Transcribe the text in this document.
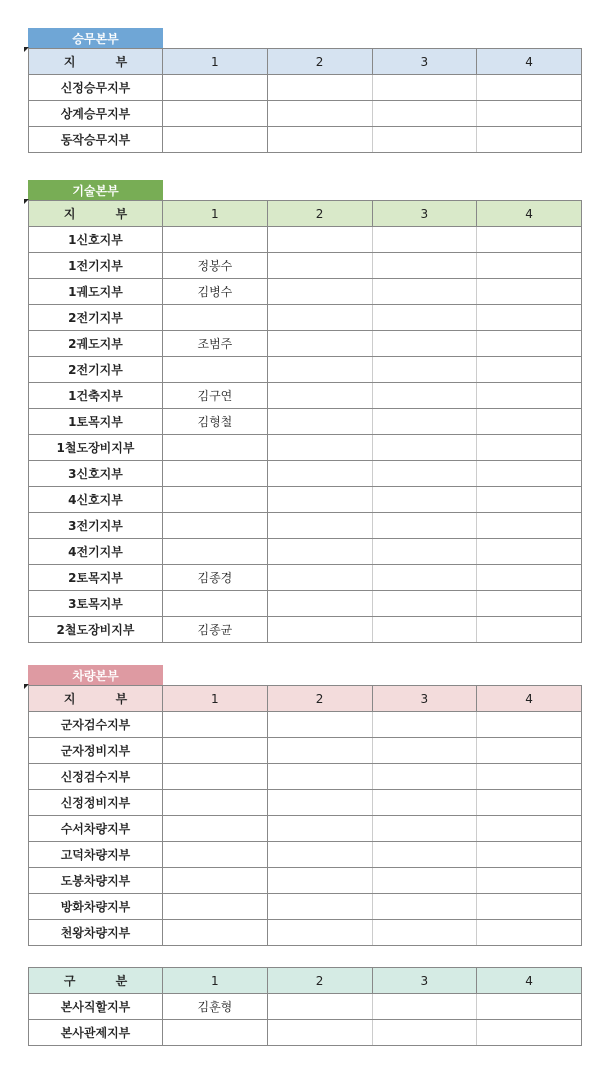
승무본부
지 부	1	2	3	4
신정승무지부				
상계승무지부				
동작승무지부				
기술본부
지 부	1	2	3	4
1신호지부				
1전기지부	정봉수			
1궤도지부	김병수			
2전기지부				
2궤도지부	조범주			
2전기지부				
1건축지부	김구연			
1토목지부	김형철			
1철도장비지부				
3신호지부				
4신호지부				
3전기지부				
4전기지부				
2토목지부	김종경			
3토목지부				
2철도장비지부	김종균			
차량본부
지 부	1	2	3	4
군자검수지부				
군자정비지부				
신정검수지부				
신정정비지부				
수서차량지부				
고덕차량지부				
도봉차량지부				
방화차량지부				
천왕차량지부				
구 분	1	2	3	4
본사직할지부	김훈형			
본사관제지부				
